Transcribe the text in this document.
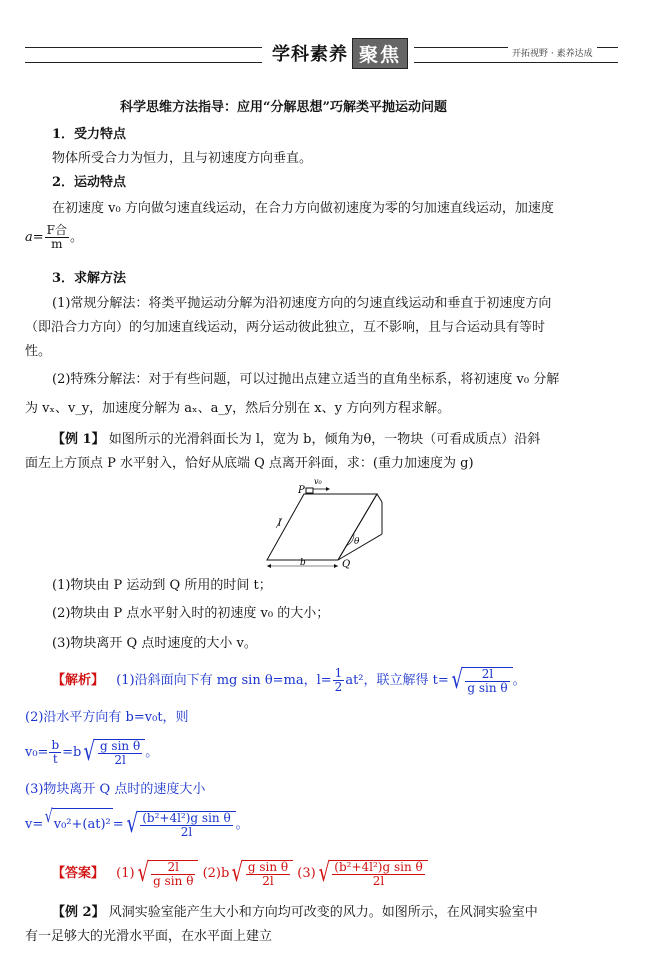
学科素养 聚焦	开拓视野 · 素养达成
科学思维方法指导：应用“分解思想”巧解类平抛运动问题
1．受力特点
物体所受合力为恒力，且与初速度方向垂直。
2．运动特点
在初速度 v₀ 方向做匀速直线运动，在合力方向做初速度为零的匀加速直线运动，加速度
$a= \frac{\text{F合}}{m}$ 。
3．求解方法
(1)常规分解法：将类平抛运动分解为沿初速度方向的匀速直线运动和垂直于初速度方向
（即沿合力方向）的匀加速直线运动，两分运动彼此独立，互不影响，且与合运动具有等时
性。
(2)特殊分解法：对于有些问题，可以过抛出点建立适当的直角坐标系，将初速度 v₀ 分解
为 vₓ、v_y，加速度分解为 aₓ、a_y，然后分别在 x、y 方向列方程求解。
【例 1】 如图所示的光滑斜面长为 l，宽为 b，倾角为θ，一物块（可看成质点）沿斜
面左上方顶点 P 水平射入，恰好从底端 Q 点离开斜面，求：(重力加速度为 g)
P
v₀
l
b	Q
θ
(1)物块由 P 运动到 Q 所用的时间 t；
(2)物块由 P 点水平射入时的初速度 v₀ 的大小；
(3)物块离开 Q 点时速度的大小 v。
【解析】 (1)沿斜面向下有 mg sin θ=ma，$l= \frac{1}{2} at^2$，联立解得 t= √ $\frac{2l}{\text{g sin θ}}$ 。
(2)沿水平方向有 b=v₀t，则
$v_0= \frac{b}{t} =b$ √ $\frac{\text{g sin θ}}{2l}$ 。
(3)物块离开 Q 点时的速度大小
v= √ v₀²+(at)² = √ $\frac{\text{(b²+4l²)g sin θ}}{2l}$ 。
【答案】 (1) √ $\frac{2l}{\text{g sin θ}} (2)b$ √ $\frac{\text{g sin θ}}{2l} (3)$ √ $\frac{\text{(b²+4l²)g sin θ}}{2l}$
【例 2】 风洞实验室能产生大小和方向均可改变的风力。如图所示，在风洞实验室中
有一足够大的光滑水平面，在水平面上建立
